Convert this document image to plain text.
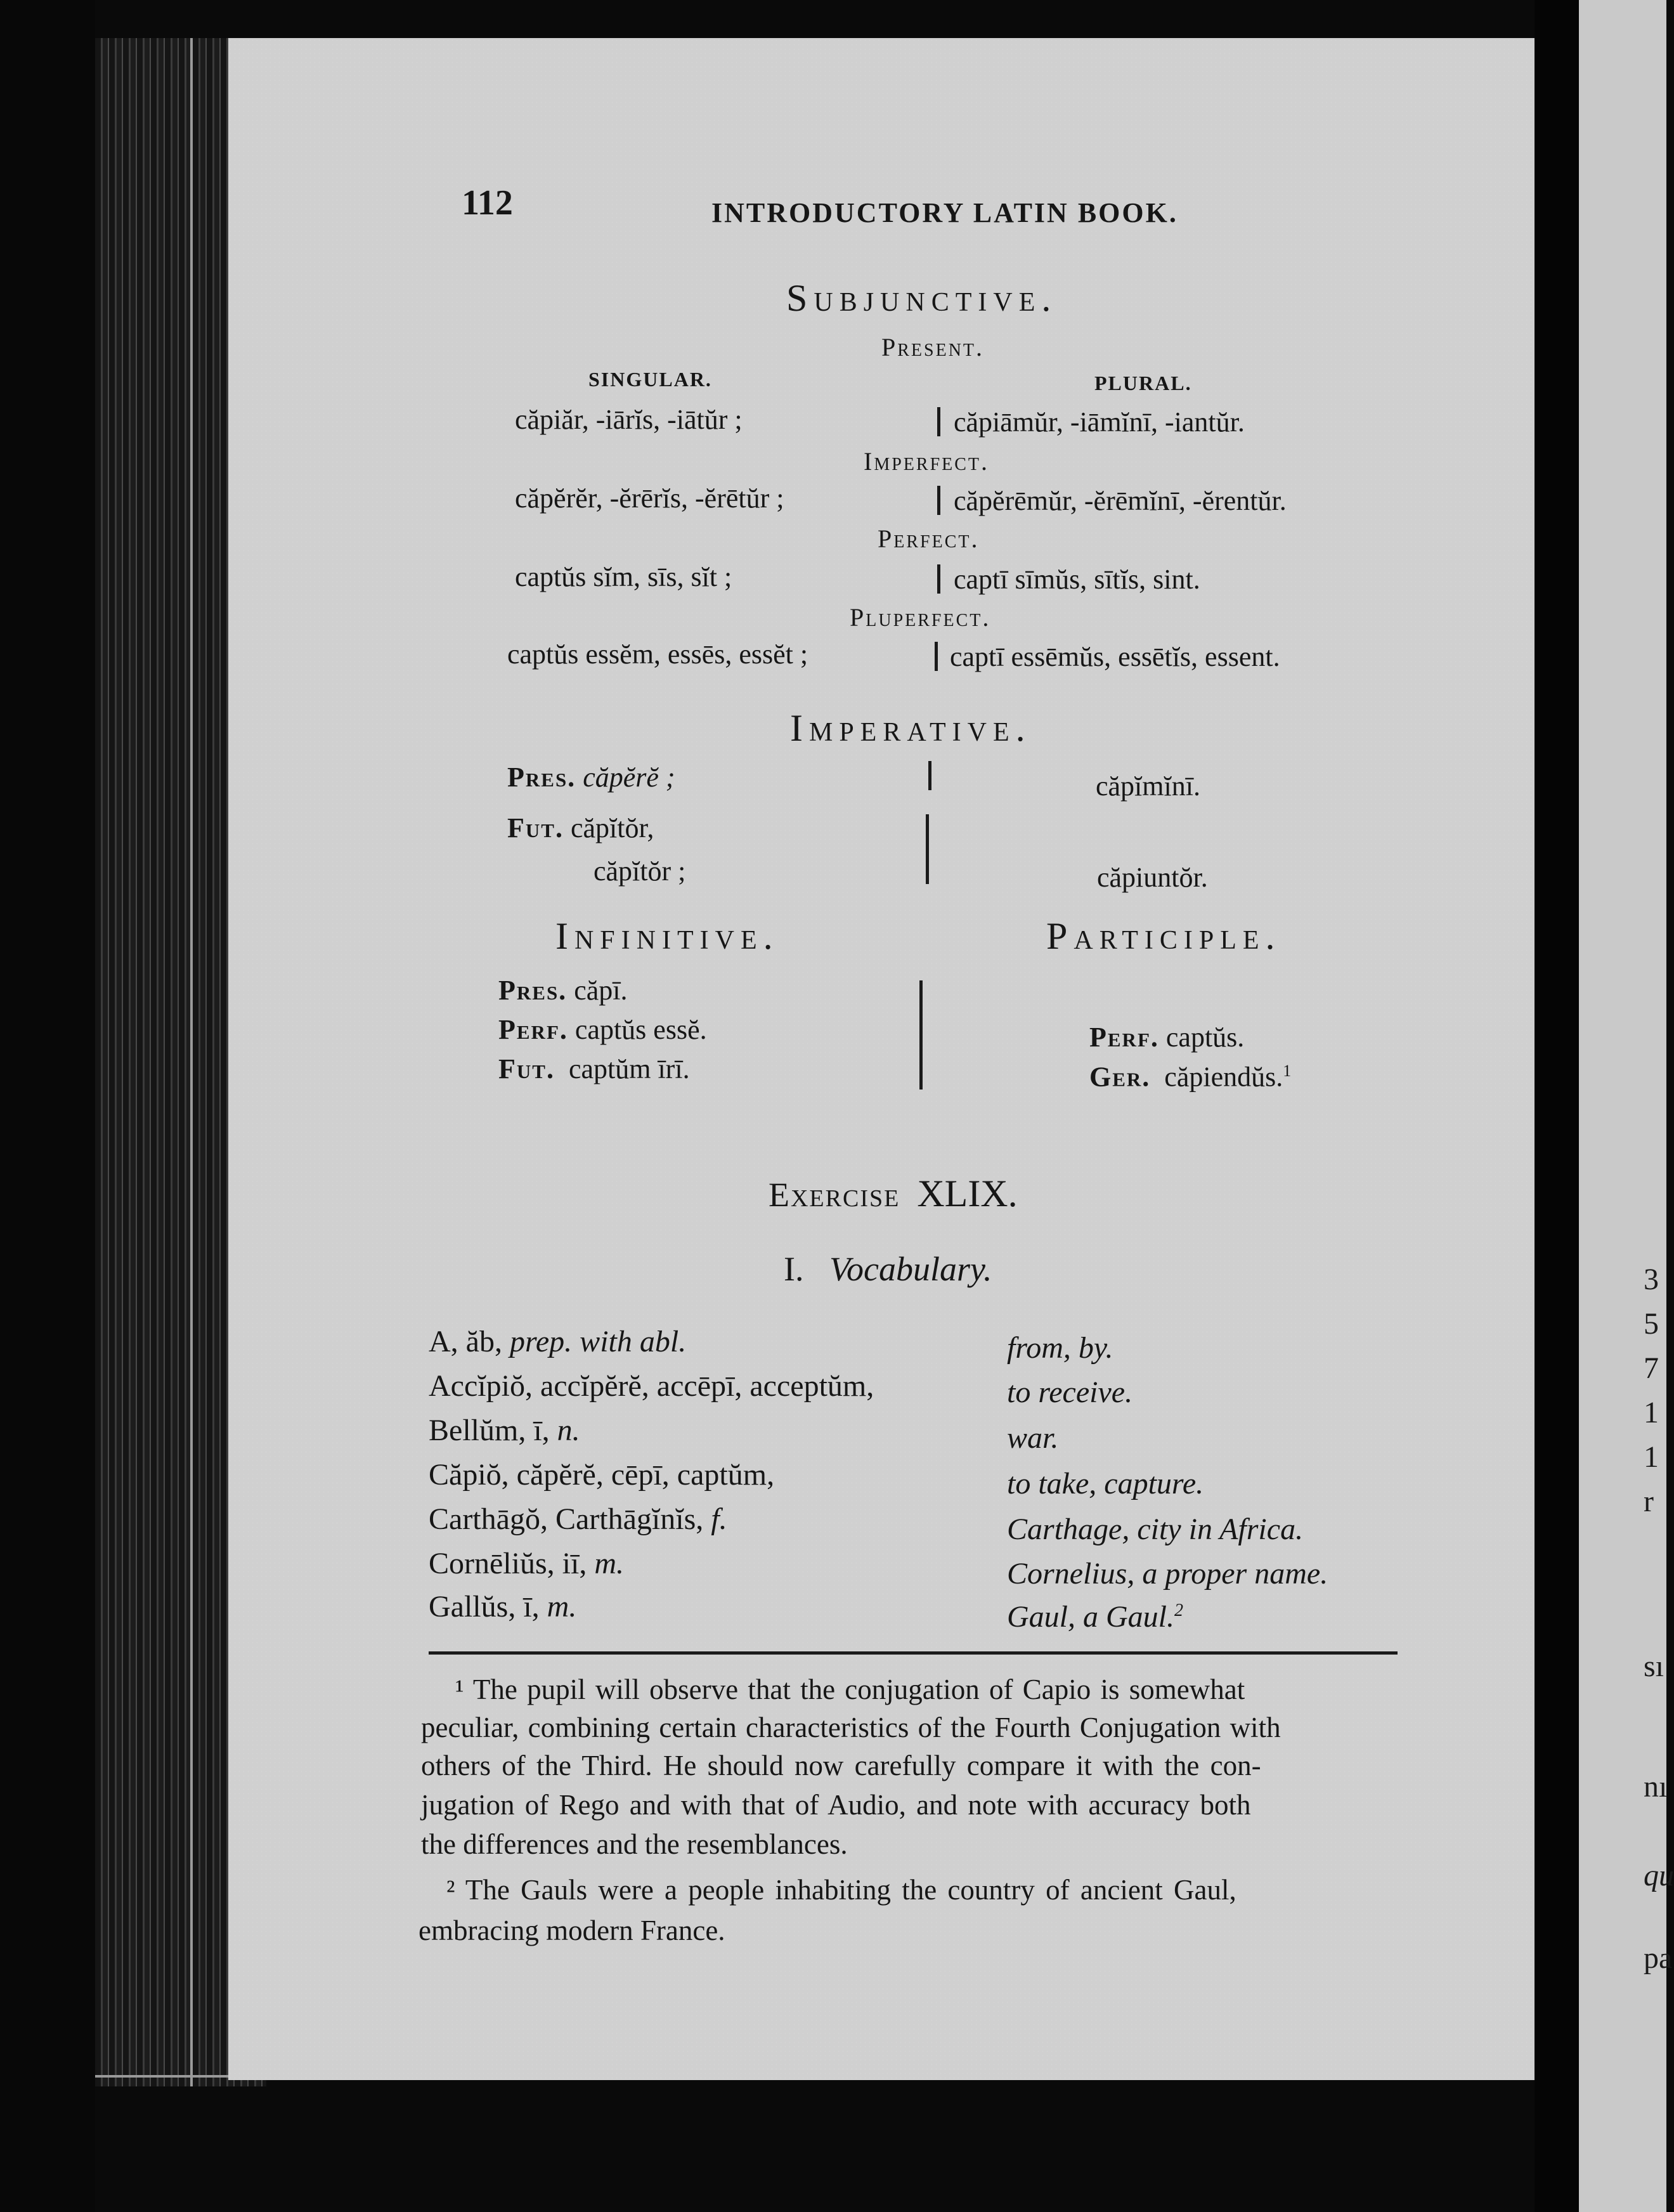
3
5
7
1
1
r
sı
nı
qu
pa
112	INTRODUCTORY LATIN BOOK.
Subjunctive.
Present.
SINGULAR.	PLURAL.
căpiăr, -iārĭs, -iātŭr ;	căpiāmŭr, -iāmĭnī, -iantŭr.
Imperfect.
căpĕrĕr, -ĕrērĭs, -ĕrētŭr ;	căpĕrēmŭr, -ĕrēmĭnī, -ĕrentŭr.
Perfect.
captŭs sĭm, sīs, sĭt ;	captī sīmŭs, sītĭs, sint.
Pluperfect.
captŭs essĕm, essēs, essĕt ;	captī essēmŭs, essētĭs, essent.
Imperative.
Pres. căpĕrĕ ;	căpĭmĭnī.
Fut. căpĭtŏr,
căpĭtŏr ;	căpiuntŏr.
Infinitive.	Participle.
Pres. căpī.
Perf. captŭs essĕ.
Fut. captŭm īrī.
Perf. captŭs.
Ger. căpiendŭs.$^1$
Exercise XLIX.
I. Vocabulary.
A, ăb, prep. with abl.	from, by.
Accĭpiŏ, accĭpĕrĕ, accēpī, acceptŭm,	to receive.
Bellŭm, ī, n.	war.
Căpiŏ, căpĕrĕ, cēpī, captŭm,	to take, capture.
Carthāgŏ, Carthāgĭnĭs, f.	Carthage, city in Africa.
Cornēliŭs, iī, m.	Cornelius, a proper name.
Gallŭs, ī, m.	Gaul, a Gaul.$^2$
¹ The pupil will observe that the conjugation of Capio is somewhat
peculiar, combining certain characteristics of the Fourth Conjugation with
others of the Third. He should now carefully compare it with the con-
jugation of Rego and with that of Audio, and note with accuracy both
the differences and the resemblances.
² The Gauls were a people inhabiting the country of ancient Gaul,
embracing modern France.
